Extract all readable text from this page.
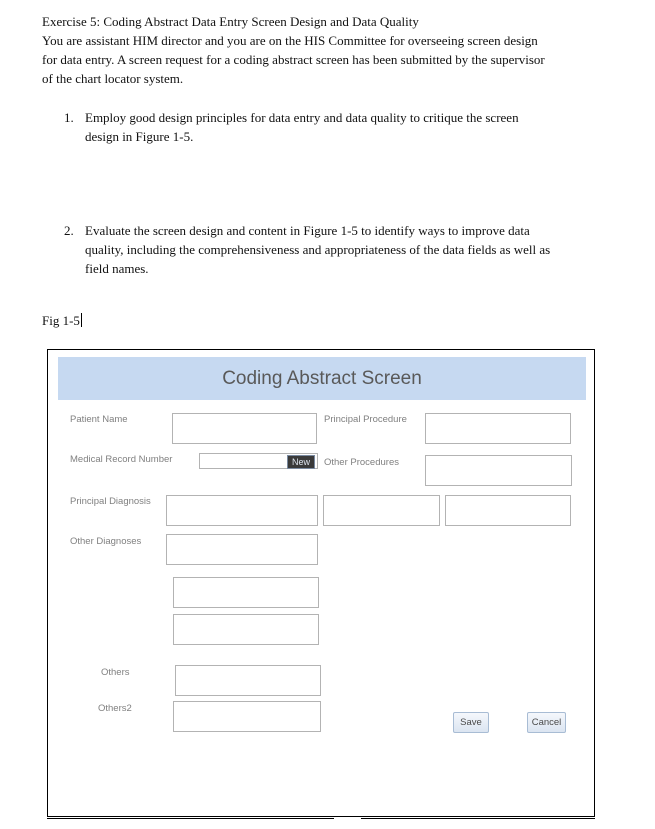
Exercise 5: Coding Abstract Data Entry Screen Design and Data Quality

You are assistant HIM director and you are on the HIS Committee for overseeing screen design

for data entry. A screen request for a coding abstract screen has been submitted by the supervisor

of the chart locator system.

1. Employ good design principles for data entry and data quality to critique the screen
design in Figure 1-5.
2. Evaluate the screen design and content in Figure 1-5 to identify ways to improve data
quality, including the comprehensiveness and appropriateness of the data fields as well as
field names.
Fig 1-5
Coding Abstract Screen
Patient Name
Medical Record Number
Principal Diagnosis
Other Diagnoses
Others
Others2
New
Principal Procedure
Other Procedures
Save	Cancel
